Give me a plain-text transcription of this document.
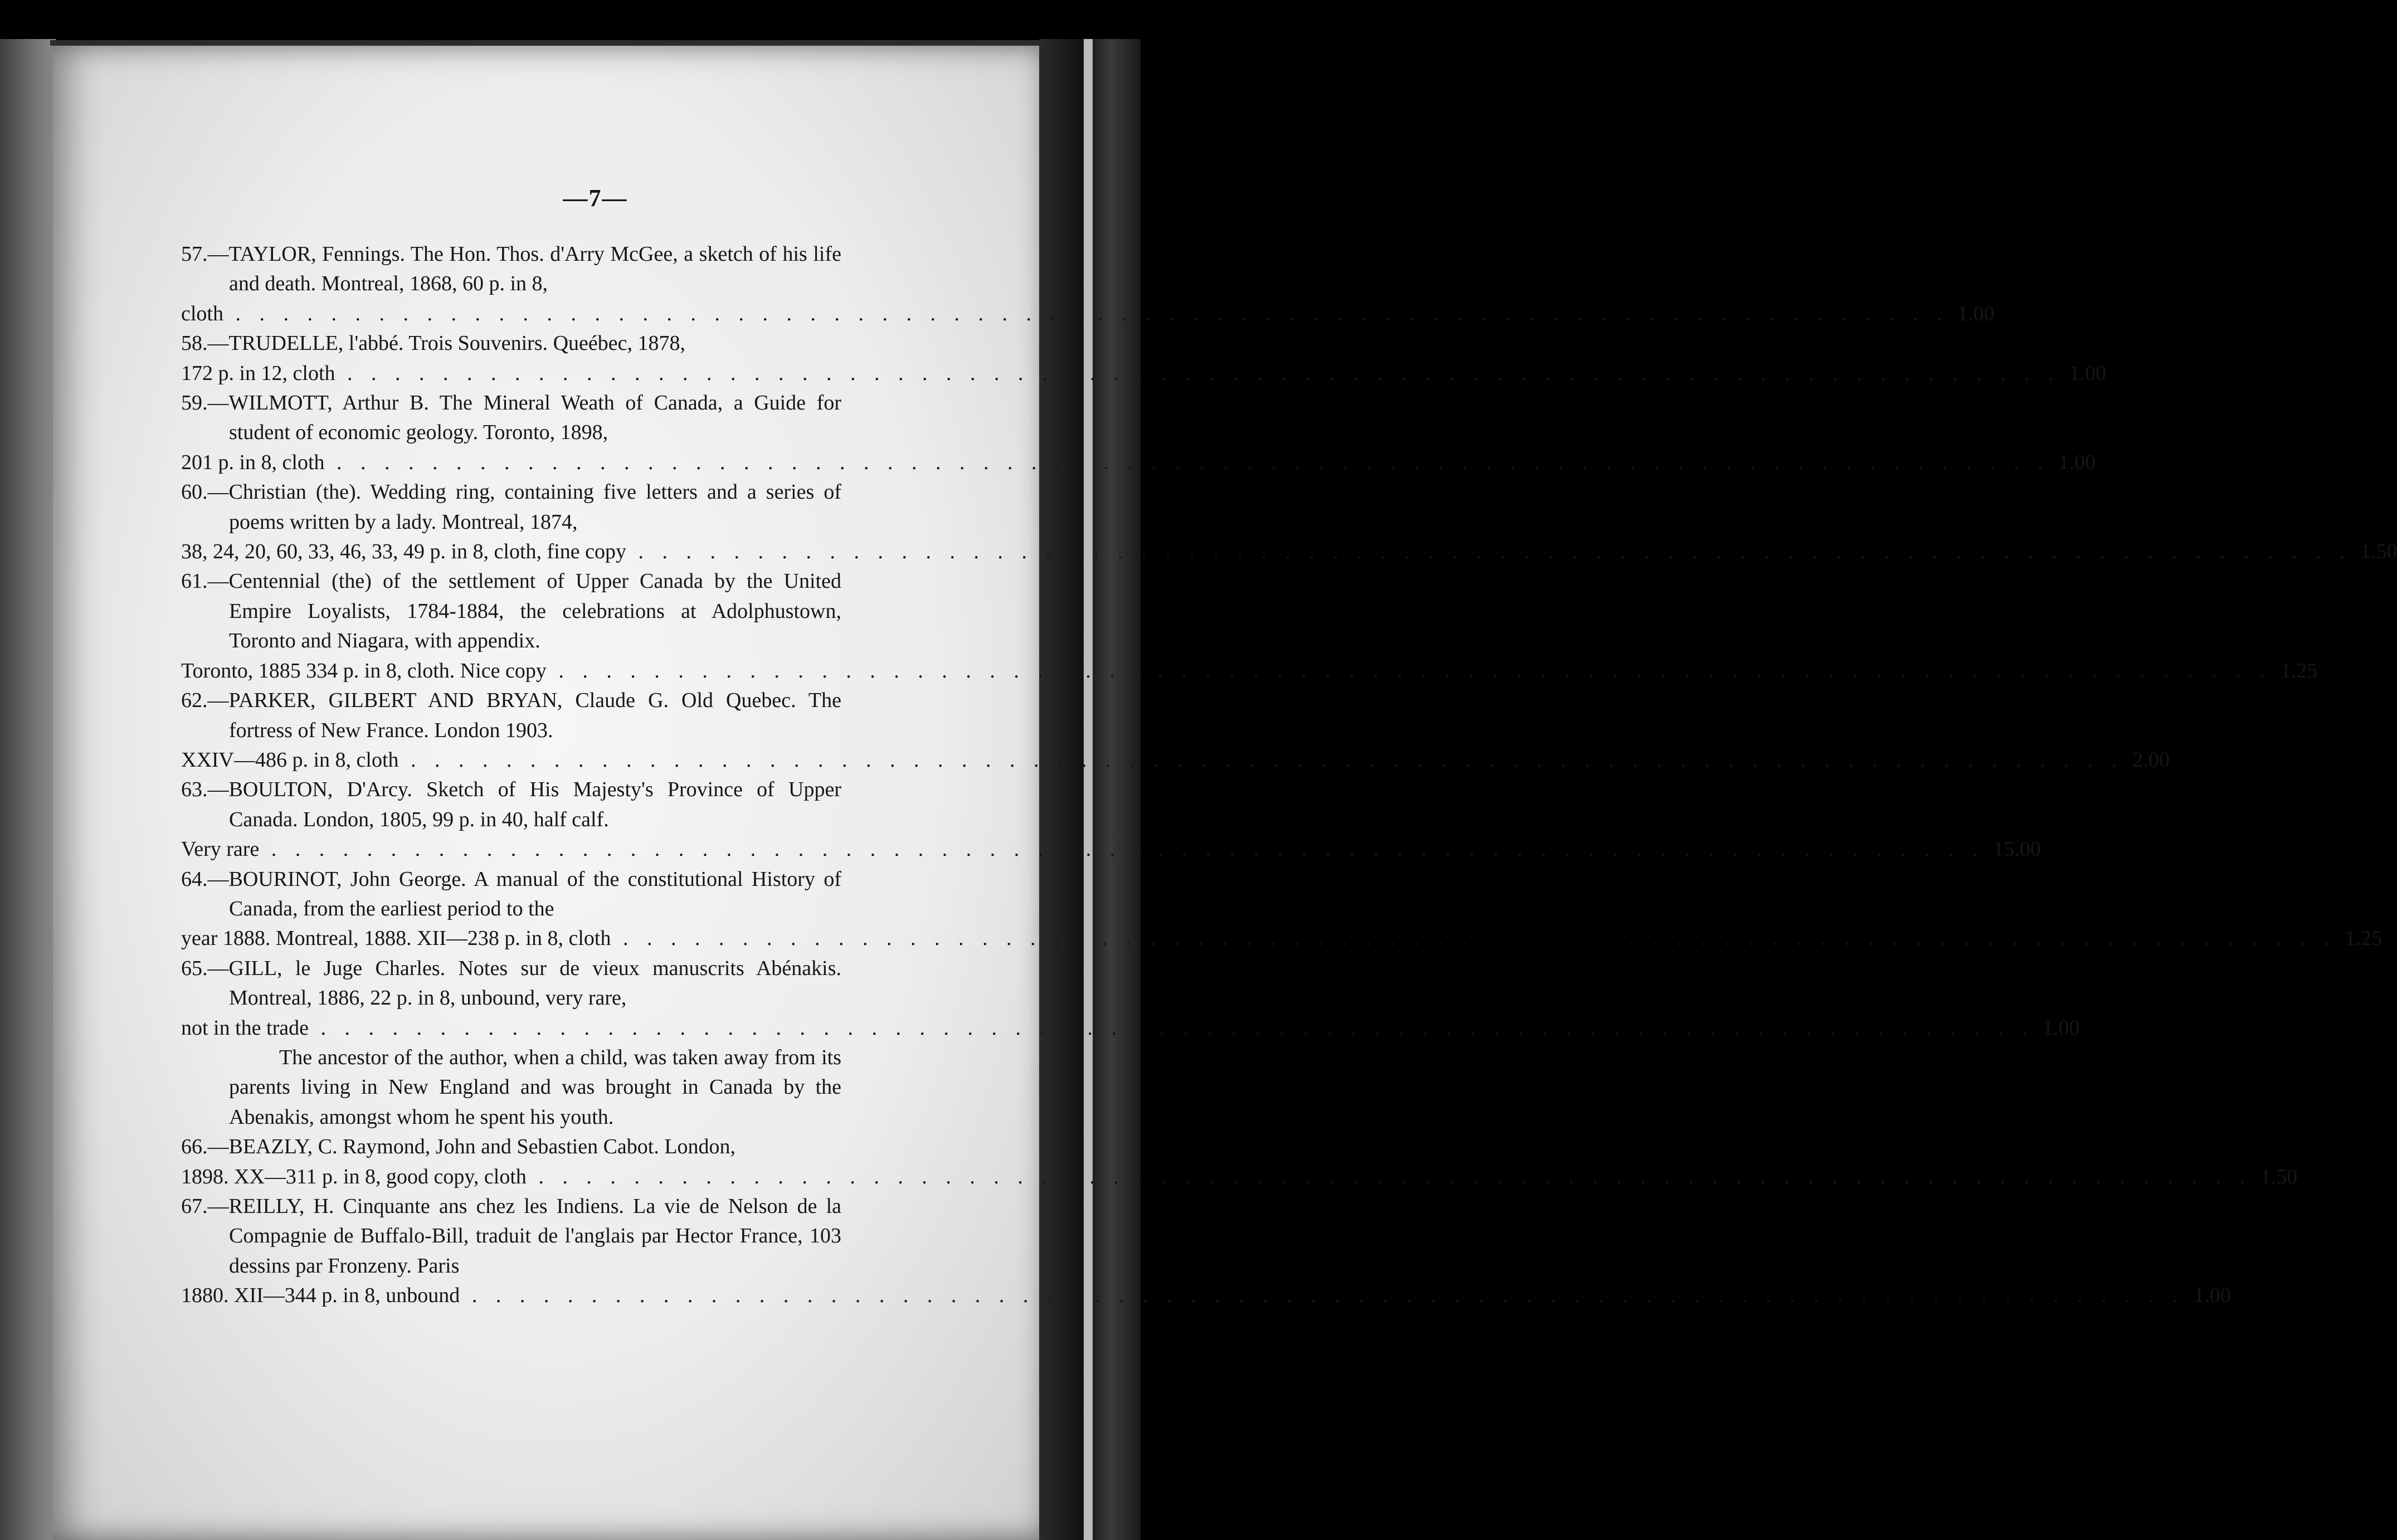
—7—
57.—TAYLOR, Fennings. The Hon. Thos. d'Arry McGee, a sketch of his life and death. Montreal, 1868, 60 p. in 8,
cloth . . .	1.00
58.—TRUDELLE, l'abbé. Trois Souvenirs. Queébec, 1878,
172 p. in 12, cloth . . .	1.00
59.—WILMOTT, Arthur B. The Mineral Weath of Canada, a Guide for student of economic geology. Toronto, 1898,
201 p. in 8, cloth . . .	1.00
60.—Christian (the). Wedding ring, containing five letters and a series of poems written by a lady. Montreal, 1874,
38, 24, 20, 60, 33, 46, 33, 49 p. in 8, cloth, fine copy . . .	1.50
61.—Centennial (the) of the settlement of Upper Canada by the United Empire Loyalists, 1784-1884, the celebrations at Adolphustown, Toronto and Niagara, with appendix.
Toronto, 1885 334 p. in 8, cloth. Nice copy . . .	1.25
62.—PARKER, GILBERT AND BRYAN, Claude G. Old Quebec. The fortress of New France. London 1903.
XXIV—486 p. in 8, cloth . . .	2.00
63.—BOULTON, D'Arcy. Sketch of His Majesty's Province of Upper Canada. London, 1805, 99 p. in 40, half calf.
Very rare . . .	15.00
64.—BOURINOT, John George. A manual of the constitutional History of Canada, from the earliest period to the
year 1888. Montreal, 1888. XII—238 p. in 8, cloth . . .	1.25
65.—GILL, le Juge Charles. Notes sur de vieux manuscrits Abénakis. Montreal, 1886, 22 p. in 8, unbound, very rare,
not in the trade . . .	1.00
The ancestor of the author, when a child, was taken away from its parents living in New England and was brought in Canada by the Abenakis, amongst whom he spent his youth.
66.—BEAZLY, C. Raymond, John and Sebastien Cabot. London,
1898. XX—311 p. in 8, good copy, cloth . . .	1.50
67.—REILLY, H. Cinquante ans chez les Indiens. La vie de Nelson de la Compagnie de Buffalo-Bill, traduit de l'anglais par Hector France, 103 dessins par Fronzeny. Paris
1880. XII—344 p. in 8, unbound . . .	1.00
